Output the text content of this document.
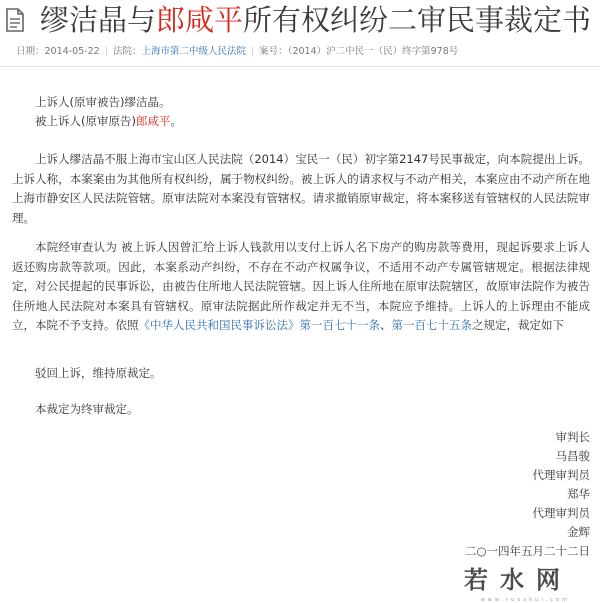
缪洁晶与郎咸平所有权纠纷二审民事裁定书
日期：2014-05-22 | 法院：上海市第二中级人民法院 | 案号：（2014）沪二中民一（民）终字第978号
上诉人(原审被告)缪洁晶。
被上诉人(原审原告)郎咸平。

上诉人缪洁晶不服上海市宝山区人民法院（2014）宝民一（民）初字第2147号民事裁定，向本院提出上诉。上诉人称，本案案由为其他所有权纠纷，属于物权纠纷。被上诉人的请求权与不动产相关，本案应由不动产所在地上海市静安区人民法院管辖。原审法院对本案没有管辖权。请求撤销原审裁定，将本案移送有管辖权的人民法院审理。

本院经审查认为 被上诉人因曾汇给上诉人钱款用以支付上诉人名下房产的购房款等费用，现起诉要求上诉人返还购房款等款项。因此，本案系动产纠纷，不存在不动产权属争议，不适用不动产专属管辖规定。根据法律规定，对公民提起的民事诉讼，由被告住所地人民法院管辖。因上诉人住所地在原审法院辖区，故原审法院作为被告住所地人民法院对本案具有管辖权。原审法院据此所作裁定并无不当，本院应予维持。上诉人的上诉理由不能成立，本院不予支持。依照《中华人民共和国民事诉讼法》第一百七十一条、第一百七十五条之规定，裁定如下

驳回上诉，维持原裁定。
本裁定为终审裁定。
审判长
马昌骏
代理审判员
郑华
代理审判员
金辉
二○一四年五月二十二日
若水网
www.ruoshui.com
